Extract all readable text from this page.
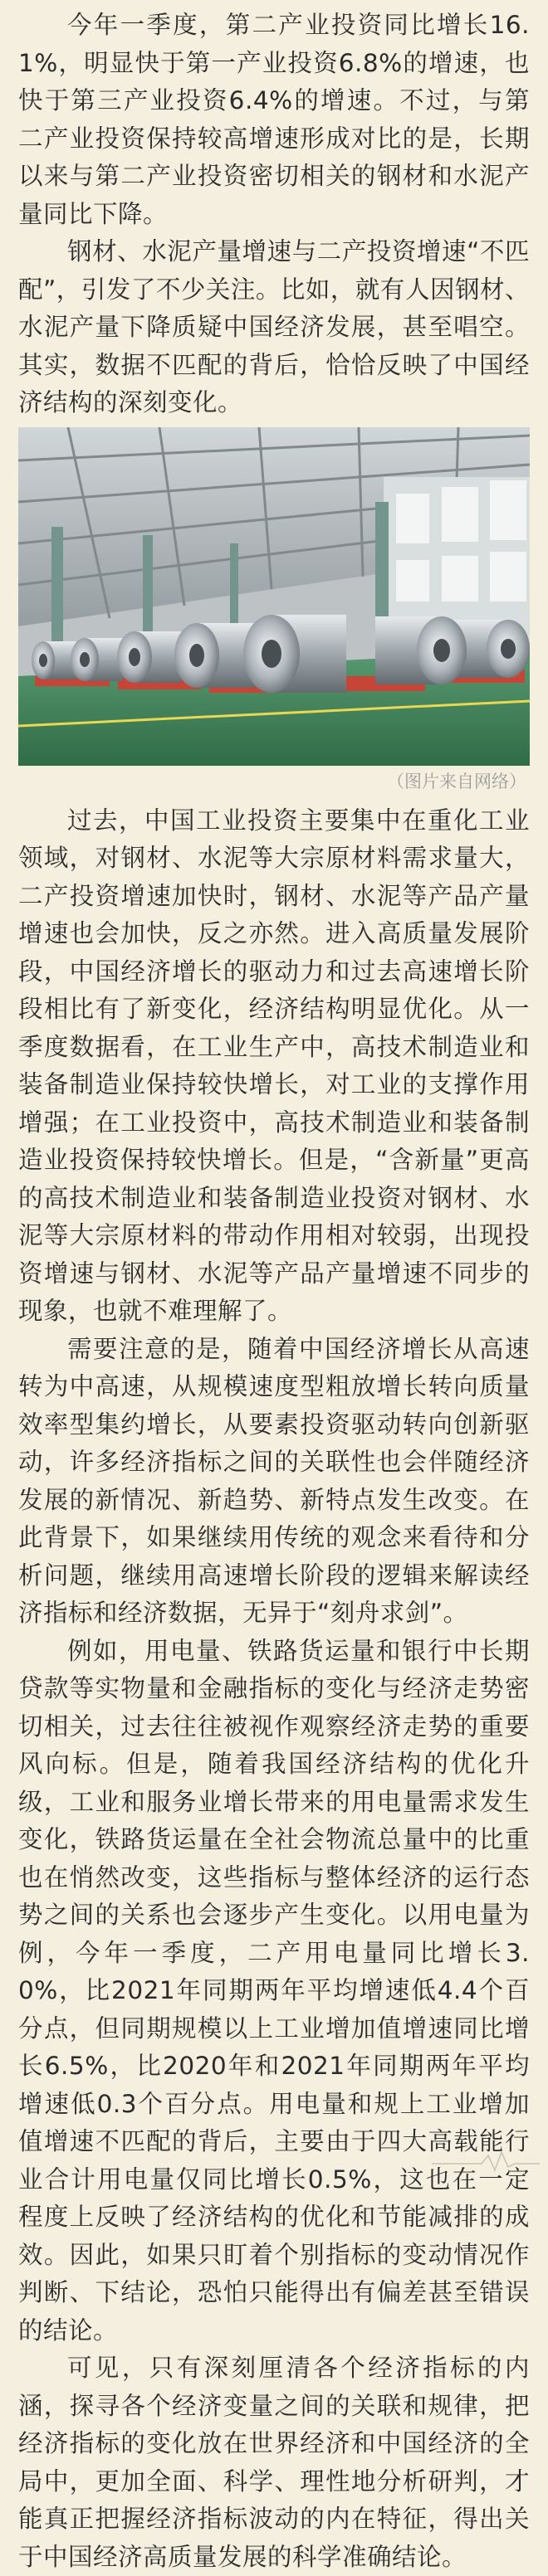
今年一季度，第二产业投资同比增长16.1%，明显快于第一产业投资6.8%的增速，也快于第三产业投资6.4%的增速。不过，与第二产业投资保持较高增速形成对比的是，长期以来与第二产业投资密切相关的钢材和水泥产量同比下降。

钢材、水泥产量增速与二产投资增速“不匹配”，引发了不少关注。比如，就有人因钢材、水泥产量下降质疑中国经济发展，甚至唱空。其实，数据不匹配的背后，恰恰反映了中国经济结构的深刻变化。

（图片来自网络）

过去，中国工业投资主要集中在重化工业领域，对钢材、水泥等大宗原材料需求量大，二产投资增速加快时，钢材、水泥等产品产量增速也会加快，反之亦然。进入高质量发展阶段，中国经济增长的驱动力和过去高速增长阶段相比有了新变化，经济结构明显优化。从一季度数据看，在工业生产中，高技术制造业和装备制造业保持较快增长，对工业的支撑作用增强；在工业投资中，高技术制造业和装备制造业投资保持较快增长。但是，“含新量”更高的高技术制造业和装备制造业投资对钢材、水泥等大宗原材料的带动作用相对较弱，出现投资增速与钢材、水泥等产品产量增速不同步的现象，也就不难理解了。

需要注意的是，随着中国经济增长从高速转为中高速，从规模速度型粗放增长转向质量效率型集约增长，从要素投资驱动转向创新驱动，许多经济指标之间的关联性也会伴随经济发展的新情况、新趋势、新特点发生改变。在此背景下，如果继续用传统的观念来看待和分析问题，继续用高速增长阶段的逻辑来解读经济指标和经济数据，无异于“刻舟求剑”。

例如，用电量、铁路货运量和银行中长期贷款等实物量和金融指标的变化与经济走势密切相关，过去往往被视作观察经济走势的重要风向标。但是，随着我国经济结构的优化升级，工业和服务业增长带来的用电量需求发生变化，铁路货运量在全社会物流总量中的比重也在悄然改变，这些指标与整体经济的运行态势之间的关系也会逐步产生变化。以用电量为例，今年一季度，二产用电量同比增长3.0%，比2021年同期两年平均增速低4.4个百分点，但同期规模以上工业增加值增速同比增长6.5%，比2020年和2021年同期两年平均增速低0.3个百分点。用电量和规上工业增加值增速不匹配的背后，主要由于四大高载能行业合计用电量仅同比增长0.5%，这也在一定程度上反映了经济结构的优化和节能减排的成效。因此，如果只盯着个别指标的变动情况作判断、下结论，恐怕只能得出有偏差甚至错误的结论。

可见，只有深刻厘清各个经济指标的内涵，探寻各个经济变量之间的关联和规律，把经济指标的变化放在世界经济和中国经济的全局中，更加全面、科学、理性地分析研判，才能真正把握经济指标波动的内在特征，得出关于中国经济高质量发展的科学准确结论。
